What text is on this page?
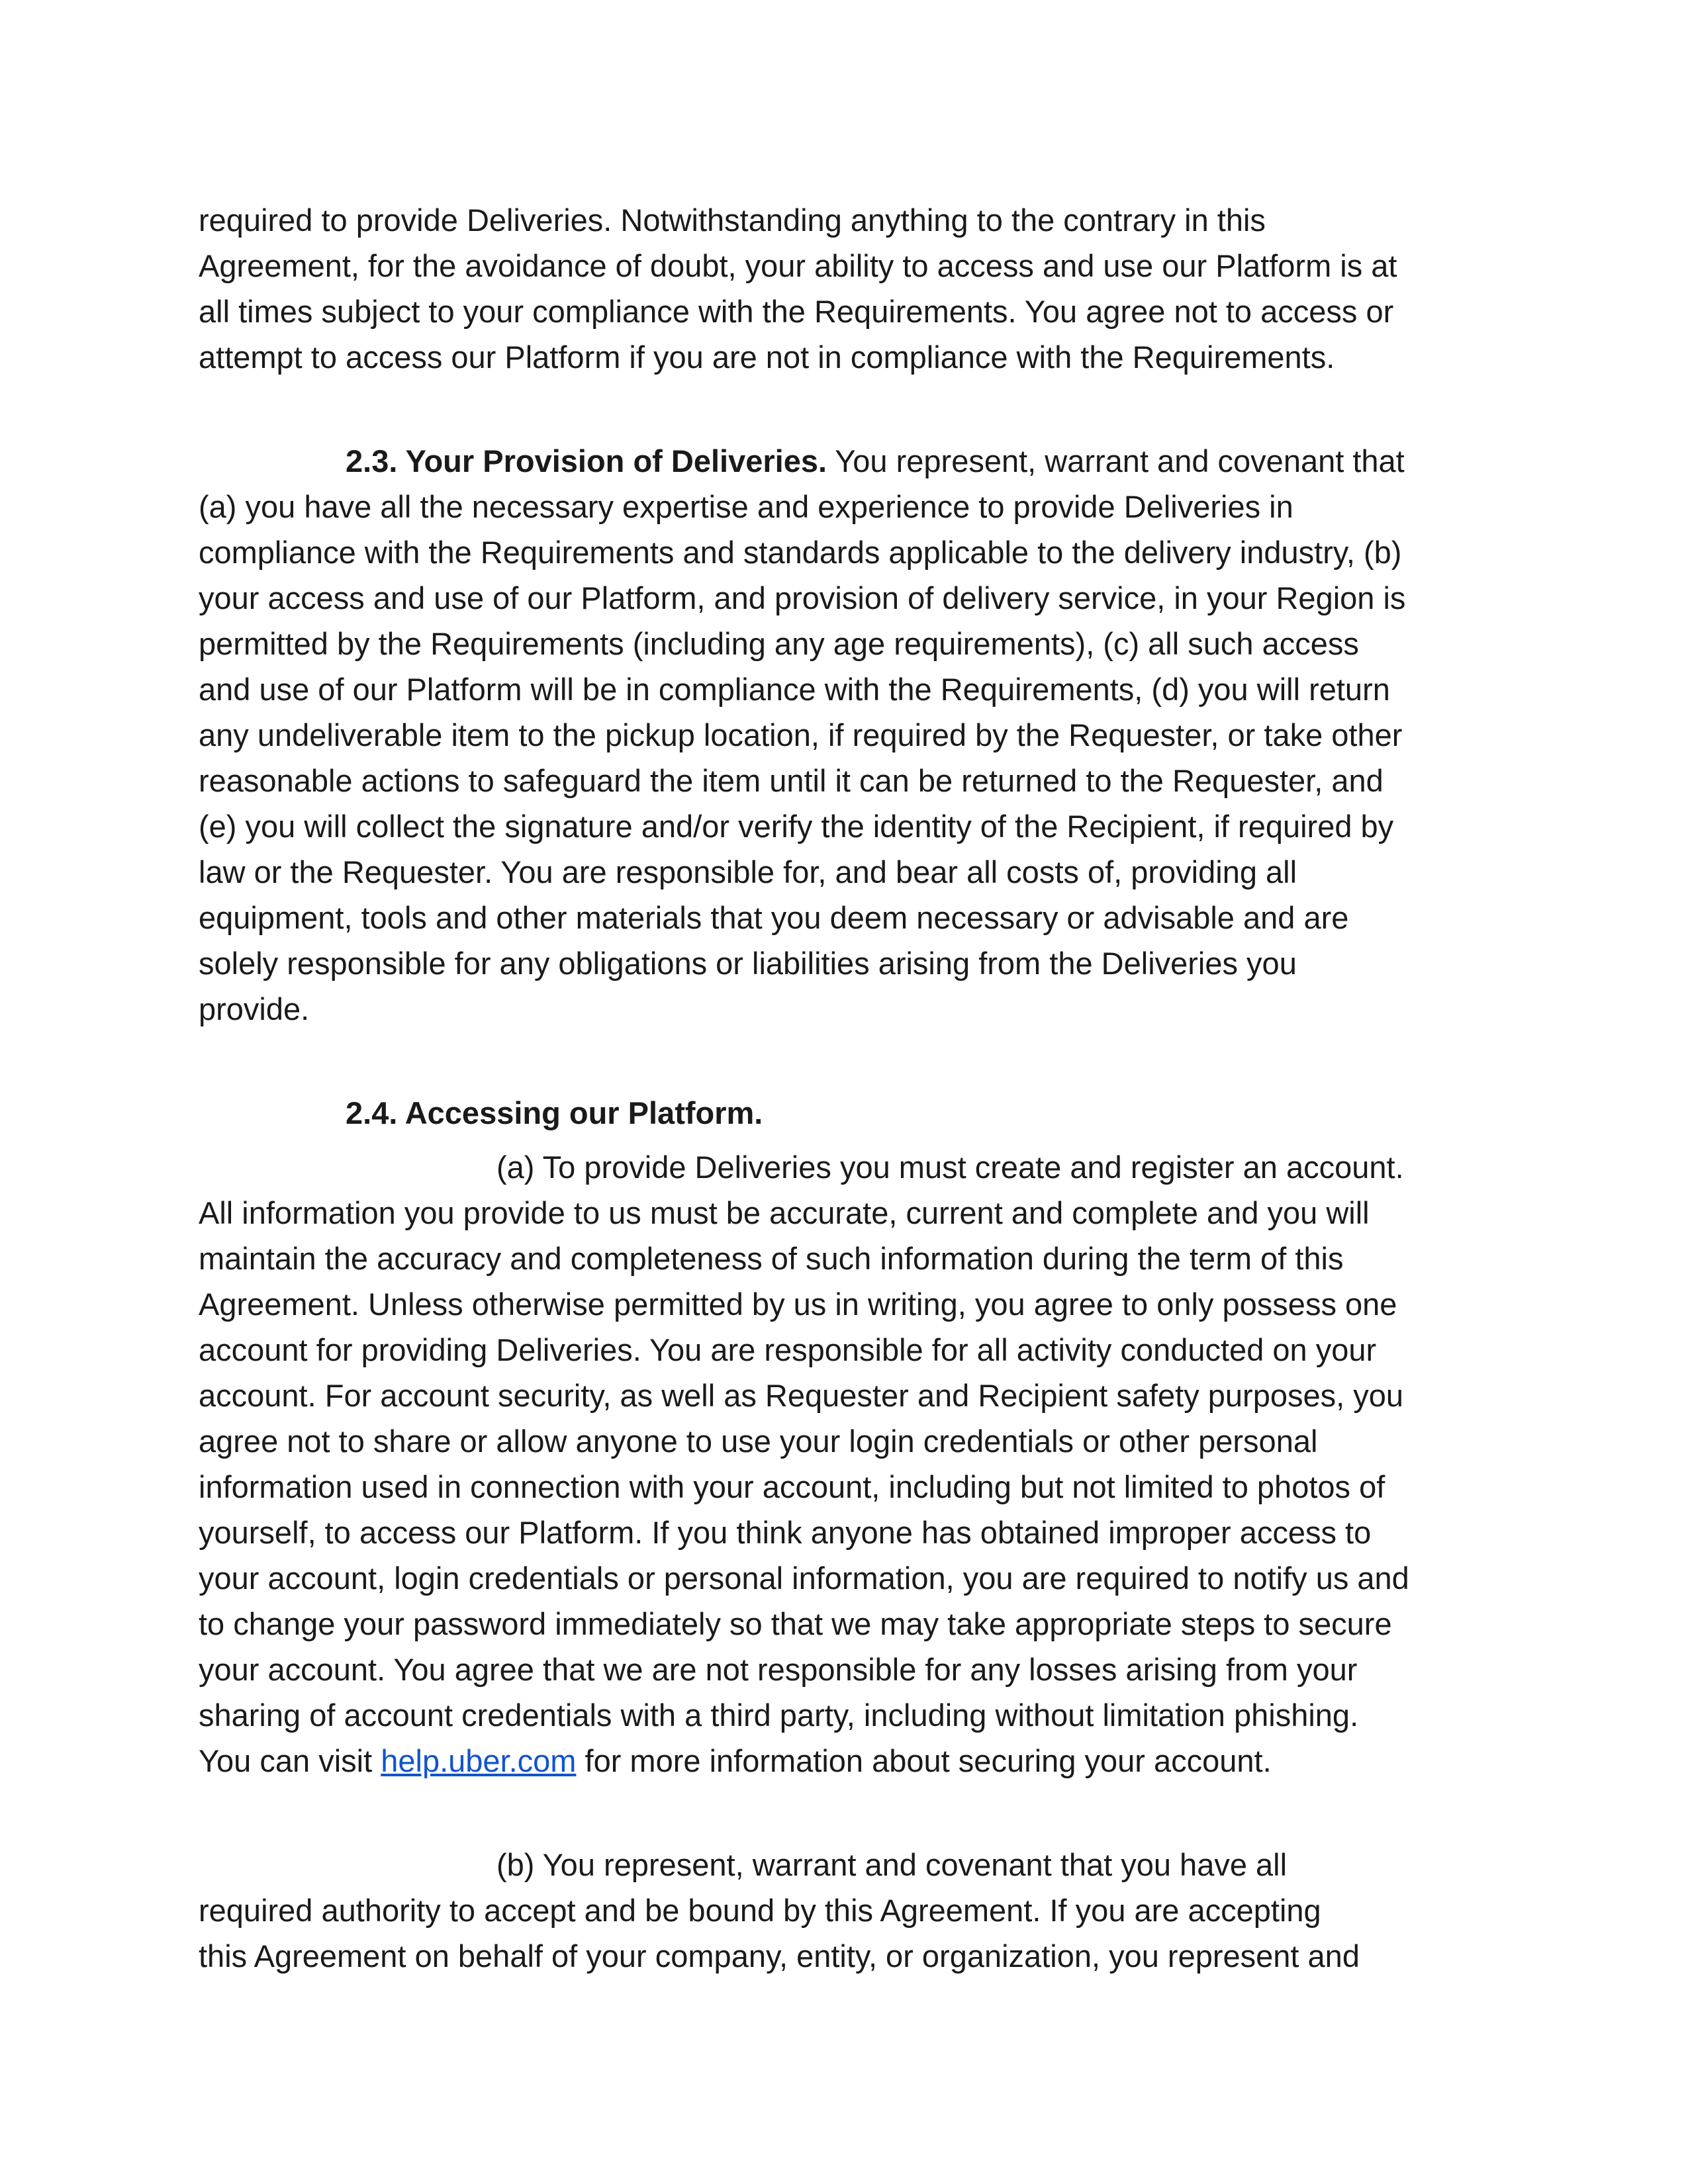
required to provide Deliveries. Notwithstanding anything to the contrary in this
Agreement, for the avoidance of doubt, your ability to access and use our Platform is at
all times subject to your compliance with the Requirements. You agree not to access or
attempt to access our Platform if you are not in compliance with the Requirements.
2.3. Your Provision of Deliveries. You represent, warrant and covenant that
(a) you have all the necessary expertise and experience to provide Deliveries in
compliance with the Requirements and standards applicable to the delivery industry, (b)
your access and use of our Platform, and provision of delivery service, in your Region is
permitted by the Requirements (including any age requirements), (c) all such access
and use of our Platform will be in compliance with the Requirements, (d) you will return
any undeliverable item to the pickup location, if required by the Requester, or take other
reasonable actions to safeguard the item until it can be returned to the Requester, and
(e) you will collect the signature and/or verify the identity of the Recipient, if required by
law or the Requester. You are responsible for, and bear all costs of, providing all
equipment, tools and other materials that you deem necessary or advisable and are
solely responsible for any obligations or liabilities arising from the Deliveries you
provide.
2.4. Accessing our Platform.
(a) To provide Deliveries you must create and register an account.
All information you provide to us must be accurate, current and complete and you will
maintain the accuracy and completeness of such information during the term of this
Agreement. Unless otherwise permitted by us in writing, you agree to only possess one
account for providing Deliveries. You are responsible for all activity conducted on your
account. For account security, as well as Requester and Recipient safety purposes, you
agree not to share or allow anyone to use your login credentials or other personal
information used in connection with your account, including but not limited to photos of
yourself, to access our Platform. If you think anyone has obtained improper access to
your account, login credentials or personal information, you are required to notify us and
to change your password immediately so that we may take appropriate steps to secure
your account. You agree that we are not responsible for any losses arising from your
sharing of account credentials with a third party, including without limitation phishing.
You can visit help.uber.com for more information about securing your account.
(b) You represent, warrant and covenant that you have all
required authority to accept and be bound by this Agreement. If you are accepting
this Agreement on behalf of your company, entity, or organization, you represent and
